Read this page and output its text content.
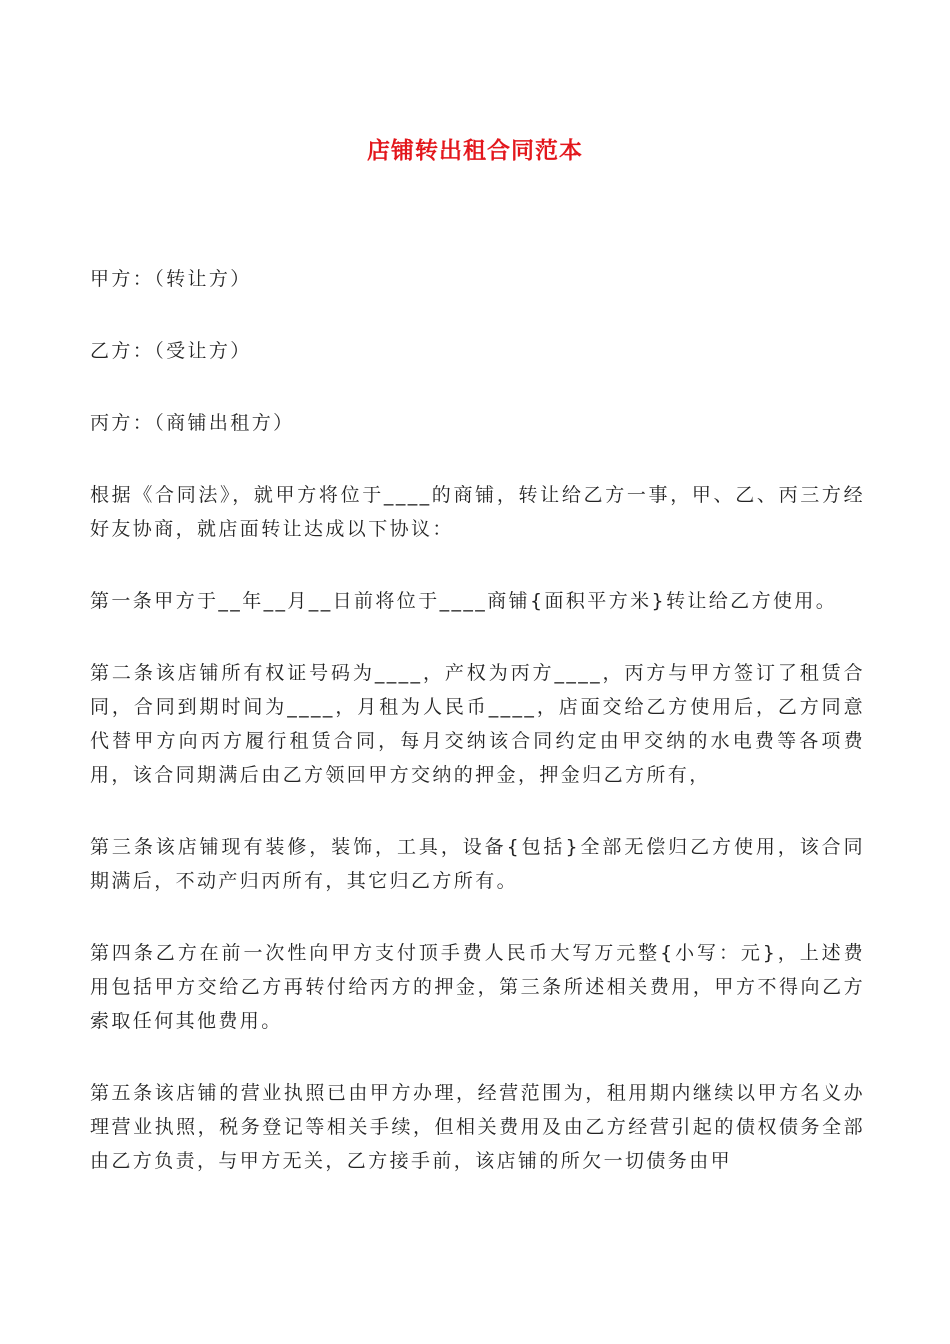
店铺转出租合同范本

甲方：（转让方）

乙方：（受让方）

丙方：（商铺出租方）

根据《合同法》，就甲方将位于____的商铺，转让给乙方一事，甲、乙、丙三方经好友协商，就店面转让达成以下协议：

第一条甲方于__年__月__日前将位于____商铺{面积平方米}转让给乙方使用。

第二条该店铺所有权证号码为____，产权为丙方____，丙方与甲方签订了租赁合同，合同到期时间为____，月租为人民币____，店面交给乙方使用后，乙方同意代替甲方向丙方履行租赁合同，每月交纳该合同约定由甲交纳的水电费等各项费用，该合同期满后由乙方领回甲方交纳的押金，押金归乙方所有，

第三条该店铺现有装修，装饰，工具，设备{包括}全部无偿归乙方使用，该合同期满后，不动产归丙所有，其它归乙方所有。

第四条乙方在前一次性向甲方支付顶手费人民币大写万元整{小写：元}，上述费用包括甲方交给乙方再转付给丙方的押金，第三条所述相关费用，甲方不得向乙方索取任何其他费用。

第五条该店铺的营业执照已由甲方办理，经营范围为，租用期内继续以甲方名义办理营业执照，税务登记等相关手续，但相关费用及由乙方经营引起的债权债务全部由乙方负责，与甲方无关，乙方接手前，该店铺的所欠一切债务由甲
